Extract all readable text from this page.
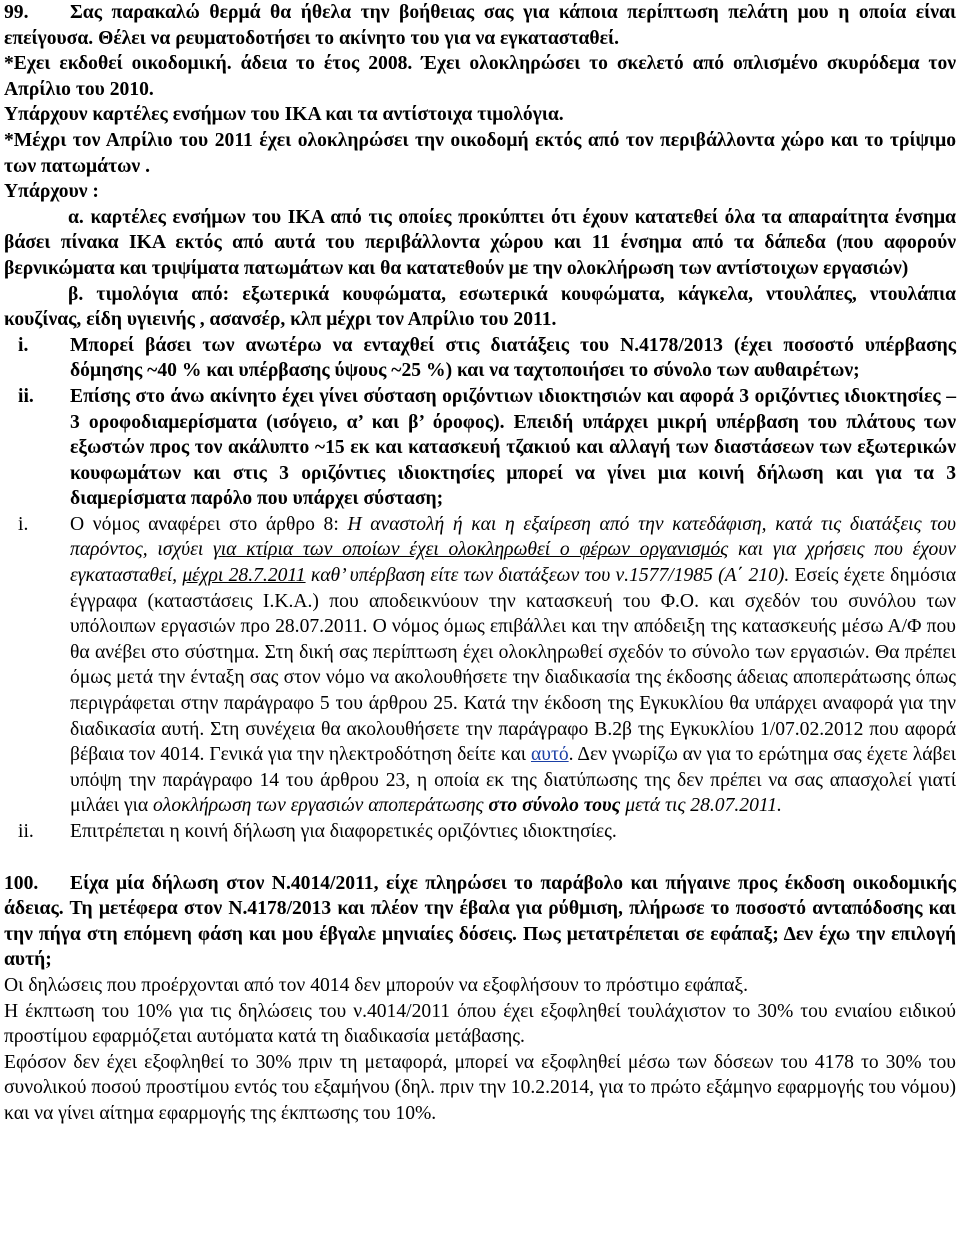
99. Σας παρακαλώ θερμά θα ήθελα την βοήθειας σας για κάποια περίπτωση πελάτη μου η οποία είναι επείγουσα. Θέλει να ρευματοδοτήσει το ακίνητο του για να εγκατασταθεί.

*Εχει εκδοθεί οικοδομική. άδεια το έτος 2008. Έχει ολοκληρώσει το σκελετό από οπλισμένο σκυρόδεμα τον Απρίλιο του 2010.

Υπάρχουν καρτέλες ενσήμων του ΙΚΑ και τα αντίστοιχα τιμολόγια.

*Μέχρι τον Απρίλιο του 2011 έχει ολοκληρώσει την οικοδομή εκτός από τον περιβάλλοντα χώρο και το τρίψιμο των πατωμάτων .

Υπάρχουν :

α. καρτέλες ενσήμων του ΙΚΑ από τις οποίες προκύπτει ότι έχουν κατατεθεί όλα τα απαραίτητα ένσημα βάσει πίνακα ΙΚΑ εκτός από αυτά του περιβάλλοντα χώρου και 11 ένσημα από τα δάπεδα (που αφορούν βερνικώματα και τριψίματα πατωμάτων και θα κατατεθούν με την ολοκλήρωση των αντίστοιχων εργασιών)

β. τιμολόγια από: εξωτερικά κουφώματα, εσωτερικά κουφώματα, κάγκελα, ντουλάπες, ντουλάπια κουζίνας, είδη υγιεινής , ασανσέρ, κλπ μέχρι τον Απρίλιο του 2011.

i.	Μπορεί βάσει των ανωτέρω να ενταχθεί στις διατάξεις του Ν.4178/2013 (έχει ποσοστό υπέρβασης δόμησης ~40 % και υπέρβασης ύψους ~25 %) και να ταχτοποιήσει το σύνολο των αυθαιρέτων;
ii.	Επίσης στο άνω ακίνητο έχει γίνει σύσταση οριζόντιων ιδιοκτησιών και αφορά 3 οριζόντιες ιδιοκτησίες – 3 οροφοδιαμερίσματα (ισόγειο, α’ και β’ όροφος). Επειδή υπάρχει μικρή υπέρβαση του πλάτους των εξωστών προς τον ακάλυπτο ~15 εκ και κατασκευή τζακιού και αλλαγή των διαστάσεων των εξωτερικών κουφωμάτων και στις 3 οριζόντιες ιδιοκτησίες μπορεί να γίνει μια κοινή δήλωση και για τα 3 διαμερίσματα παρόλο που υπάρχει σύσταση;
i.	Ο νόμος αναφέρει στο άρθρο 8: Η αναστολή ή και η εξαίρεση από την κατεδάφιση, κατά τις διατάξεις του παρόντος, ισχύει για κτίρια των οποίων έχει ολοκληρωθεί ο φέρων οργανισμός και για χρήσεις που έχουν εγκατασταθεί, μέχρι 28.7.2011 καθ’ υπέρβαση είτε των διατάξεων του ν.1577/1985 (Α΄ 210). Εσείς έχετε δημόσια έγγραφα (καταστάσεις Ι.Κ.Α.) που αποδεικνύουν την κατασκευή του Φ.Ο. και σχεδόν του συνόλου των υπόλοιπων εργασιών προ 28.07.2011. Ο νόμος όμως επιβάλλει και την απόδειξη της κατασκευής μέσω Α/Φ που θα ανέβει στο σύστημα. Στη δική σας περίπτωση έχει ολοκληρωθεί σχεδόν το σύνολο των εργασιών. Θα πρέπει όμως μετά την ένταξη σας στον νόμο να ακολουθήσετε την διαδικασία της έκδοσης άδειας αποπεράτωσης όπως περιγράφεται στην παράγραφο 5 του άρθρου 25. Κατά την έκδοση της Εγκυκλίου θα υπάρχει αναφορά για την διαδικασία αυτή. Στη συνέχεια θα ακολουθήσετε την παράγραφο Β.2β της Εγκυκλίου 1/07.02.2012 που αφορά βέβαια τον 4014. Γενικά για την ηλεκτροδότηση δείτε και αυτό. Δεν γνωρίζω αν για το ερώτημα σας έχετε λάβει υπόψη την παράγραφο 14 του άρθρου 23, η οποία εκ της διατύπωσης της δεν πρέπει να σας απασχολεί γιατί μιλάει για ολοκλήρωση των εργασιών αποπεράτωσης στο σύνολο τους μετά τις 28.07.2011.
ii.	Επιτρέπεται η κοινή δήλωση για διαφορετικές οριζόντιες ιδιοκτησίες.

100. Είχα μία δήλωση στον Ν.4014/2011, είχε πληρώσει το παράβολο και πήγαινε προς έκδοση οικοδομικής άδειας. Τη μετέφερα στον Ν.4178/2013 και πλέον την έβαλα για ρύθμιση, πλήρωσε το ποσοστό ανταπόδοσης και την πήγα στη επόμενη φάση και μου έβγαλε μηνιαίες δόσεις. Πως μετατρέπεται σε εφάπαξ; Δεν έχω την επιλογή αυτή;

Οι δηλώσεις που προέρχονται από τον 4014 δεν μπορούν να εξοφλήσουν το πρόστιμο εφάπαξ.

Η έκπτωση του 10% για τις δηλώσεις του ν.4014/2011 όπου έχει εξοφληθεί τουλάχιστον το 30% του ενιαίου ειδικού προστίμου εφαρμόζεται αυτόματα κατά τη διαδικασία μετάβασης.

Εφόσον δεν έχει εξοφληθεί το 30% πριν τη μεταφορά, μπορεί να εξοφληθεί μέσω των δόσεων του 4178 το 30% του συνολικού ποσού προστίμου εντός του εξαμήνου (δηλ. πριν την 10.2.2014, για το πρώτο εξάμηνο εφαρμογής του νόμου) και να γίνει αίτημα εφαρμογής της έκπτωσης του 10%.
